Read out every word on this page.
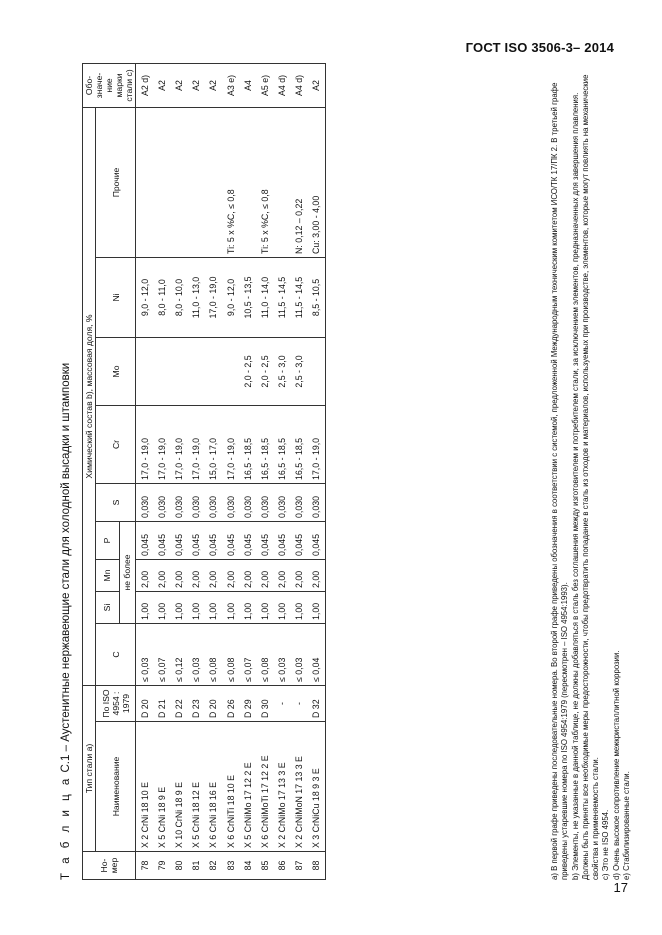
ГОСТ ISO 3506-3– 2014
Т а б л и ц а С.1 – Аустенитные нержавеющие стали для холодной высадки и штамповки
Но-мер	Тип стали а)		Химический состав b), массовая доля, %									Обо-значе-ние марки стали с)
	Наименование	По ISO 4954 : 1979	C	Si	Mn	P	S	Cr	Mo	Ni	Прочие	
				не более								
78	X 2 CrNi 18 10 E	D 20	≤ 0,03	1,00	2,00	0,045	0,030	17,0 - 19,0		9,0 - 12,0		A2 d)
79	X 5 CrNi 18 9 E	D 21	≤ 0,07	1,00	2,00	0,045	0,030	17,0 - 19,0		8,0 - 11,0		A2
80	X 10 CrNi 18 9 E	D 22	≤ 0,12	1,00	2,00	0,045	0,030	17,0 - 19,0		8,0 - 10,0		A2
81	X 5 CrNi 18 12 E	D 23	≤ 0,03	1,00	2,00	0,045	0,030	17,0 - 19,0		11,0 - 13,0		A2
82	X 6 CrNi 18 16 E	D 20	≤ 0,08	1,00	2,00	0,045	0,030	15,0 - 17,0		17,0 - 19,0		A2
83	X 6 CrNiTi 18 10 E	D 26	≤ 0,08	1,00	2,00	0,045	0,030	17,0 - 19,0		9,0 - 12,0	Ti: 5 x %C, ≤ 0,8	A3 e)
84	X 5 CrNiMo 17 12 2 E	D 29	≤ 0,07	1,00	2,00	0,045	0,030	16,5 - 18,5	2,0 - 2,5	10,5 - 13,5		A4
85	X 6 CrNiMoTi 17 12 2 E	D 30	≤ 0,08	1,00	2,00	0,045	0,030	16,5 - 18,5	2,0 - 2,5	11,0 - 14,0	Ti: 5 x %C, ≤ 0,8	A5 e)
86	X 2 CrNiMo 17 13 3 E	-	≤ 0,03	1,00	2,00	0,045	0,030	16,5 - 18,5	2,5 - 3,0	11,5 - 14,5		A4 d)
87	X 2 CrNiMoN 17 13 3 E	-	≤ 0,03	1,00	2,00	0,045	0,030	16,5 - 18,5	2,5 - 3,0	11,5 - 14,5	N: 0,12 – 0,22	A4 d)
88	X 3 CrNiCu 18 9 3 E	D 32	≤ 0,04	1,00	2,00	0,045	0,030	17,0 - 19,0		8,5 - 10,5	Cu: 3,00 - 4,00	A2	а) В первой графе приведены последовательные номера. Во второй графе приведены обозначения в соответствии с системой, предложенной Международным техническим комитетом ИСО/ТК 17/ПК 2. В третьей графе приведены устаревшие номера по ISO 4954:1979 (пересмотрен – ISO 4954:1993). b) Элементы, не указанные в данной таблице, не должны добавляться в сталь без соглашения между изготовителем и потребителем стали, за исключением элементов, предназначенных для завершения плавления. Должны быть приняты все необходимые меры предосторожности, чтобы предотвратить попадание в сталь из отходов и материалов, используемых при производстве, элементов, которые могут повлиять на механические свойства и применяемость стали. с) Это не ISO 4954. d) Очень высокое сопротивление межкристаллитной коррозии. е) Стабилизированные стали.

17
